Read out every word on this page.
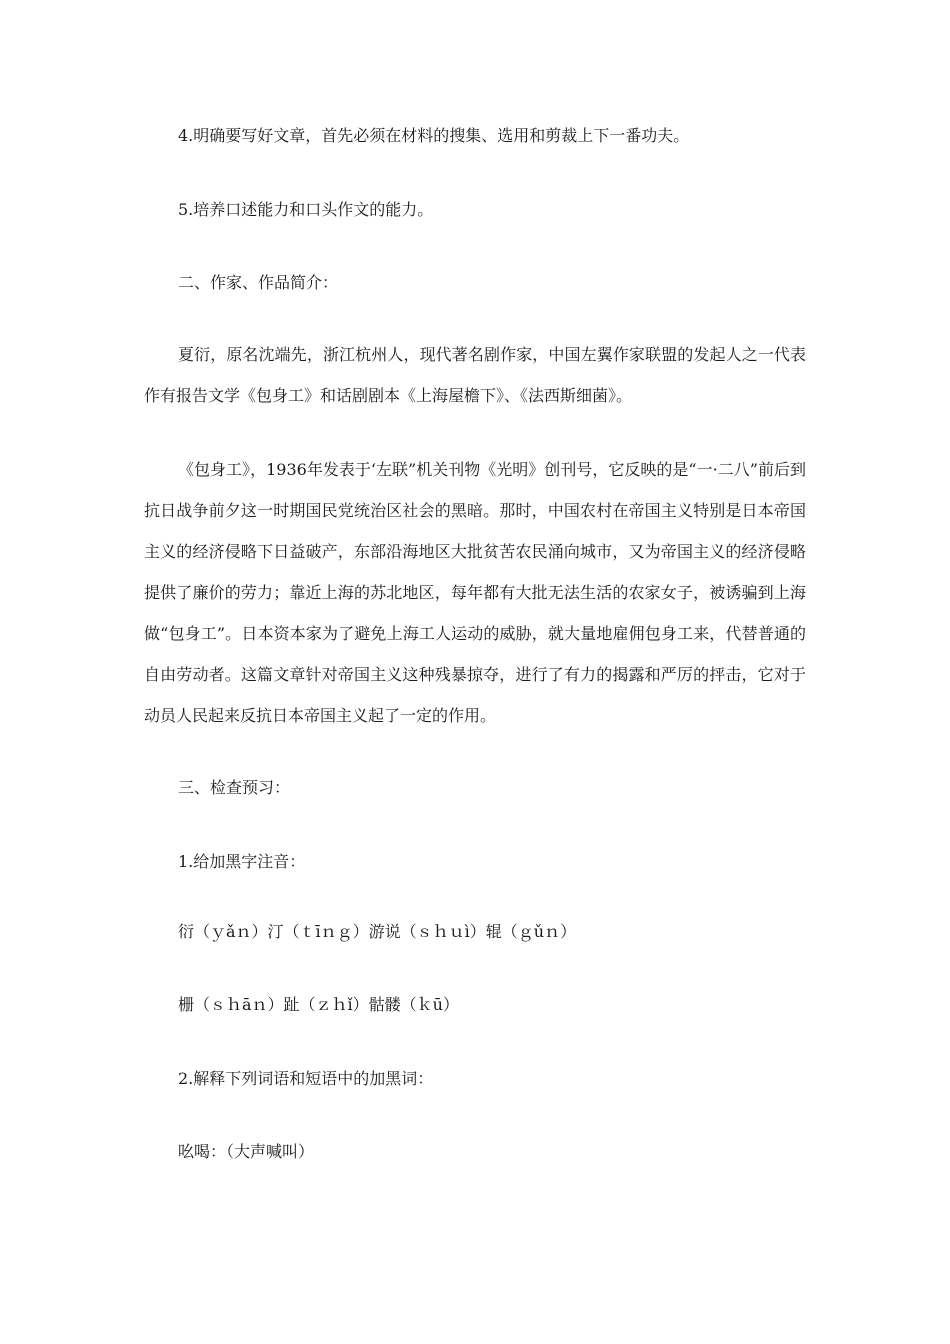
4.明确要写好文章，首先必须在材料的搜集、选用和剪裁上下一番功夫。
5.培养口述能力和口头作文的能力。
二、作家、作品简介：

夏衍，原名沈端先，浙江杭州人，现代著名剧作家，中国左翼作家联盟的发起人之一代表作有报告文学《包身工》和话剧剧本《上海屋檐下》、《法西斯细菌》。

《包身工》，1936年发表于‘左联”机关刊物《光明》创刊号，它反映的是“一·二八”前后到抗日战争前夕这一时期国民党统治区社会的黑暗。那时，中国农村在帝国主义特别是日本帝国主义的经济侵略下日益破产，东部沿海地区大批贫苦农民涌向城市，又为帝国主义的经济侵略提供了廉价的劳力；靠近上海的苏北地区，每年都有大批无法生活的农家女子，被诱骗到上海做“包身工”。日本资本家为了避免上海工人运动的威胁，就大量地雇佣包身工来，代替普通的自由劳动者。这篇文章针对帝国主义这种残暴掠夺，进行了有力的揭露和严厉的抨击，它对于动员人民起来反抗日本帝国主义起了一定的作用。

三、检查预习：
1.给加黑字注音：
衍（ｙǎｎ）汀（ｔīｎｇ）游说（ｓｈｕì）辊（ｇǔｎ）
栅（ｓｈāｎ）趾（ｚｈǐ）骷髅（ｋū）
2.解释下列词语和短语中的加黑词：
吆喝：（大声喊叫）
